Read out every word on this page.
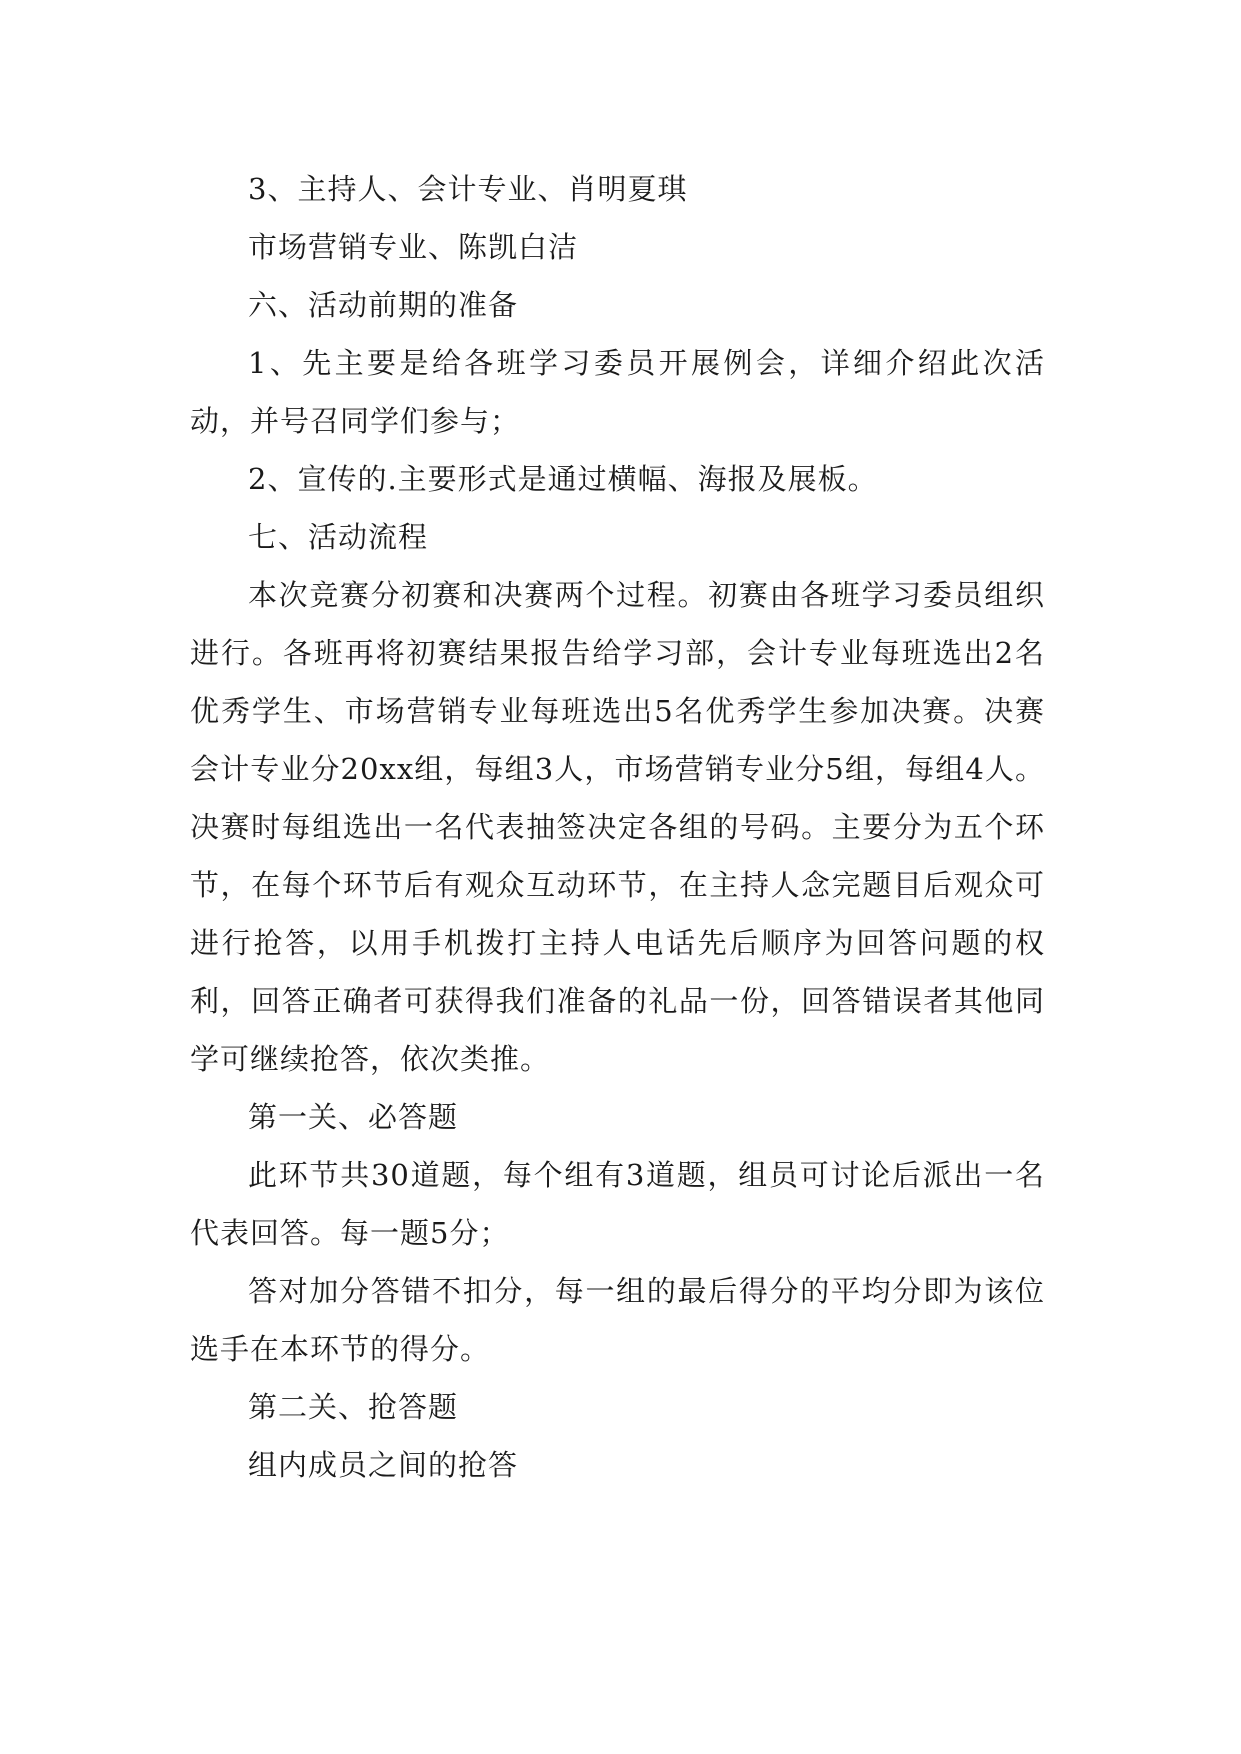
3、主持人、会计专业、肖明夏琪

市场营销专业、陈凯白洁

六、活动前期的准备

1、先主要是给各班学习委员开展例会，详细介绍此次活动，并号召同学们参与；

2、宣传的.主要形式是通过横幅、海报及展板。

七、活动流程

本次竞赛分初赛和决赛两个过程。初赛由各班学习委员组织进行。各班再将初赛结果报告给学习部，会计专业每班选出2名优秀学生、市场营销专业每班选出5名优秀学生参加决赛。决赛会计专业分20xx组，每组3人，市场营销专业分5组，每组4人。决赛时每组选出一名代表抽签决定各组的号码。主要分为五个环节，在每个环节后有观众互动环节，在主持人念完题目后观众可进行抢答，以用手机拨打主持人电话先后顺序为回答问题的权利，回答正确者可获得我们准备的礼品一份，回答错误者其他同学可继续抢答，依次类推。

第一关、必答题

此环节共30道题，每个组有3道题，组员可讨论后派出一名代表回答。每一题5分；

答对加分答错不扣分，每一组的最后得分的平均分即为该位选手在本环节的得分。

第二关、抢答题

组内成员之间的抢答
